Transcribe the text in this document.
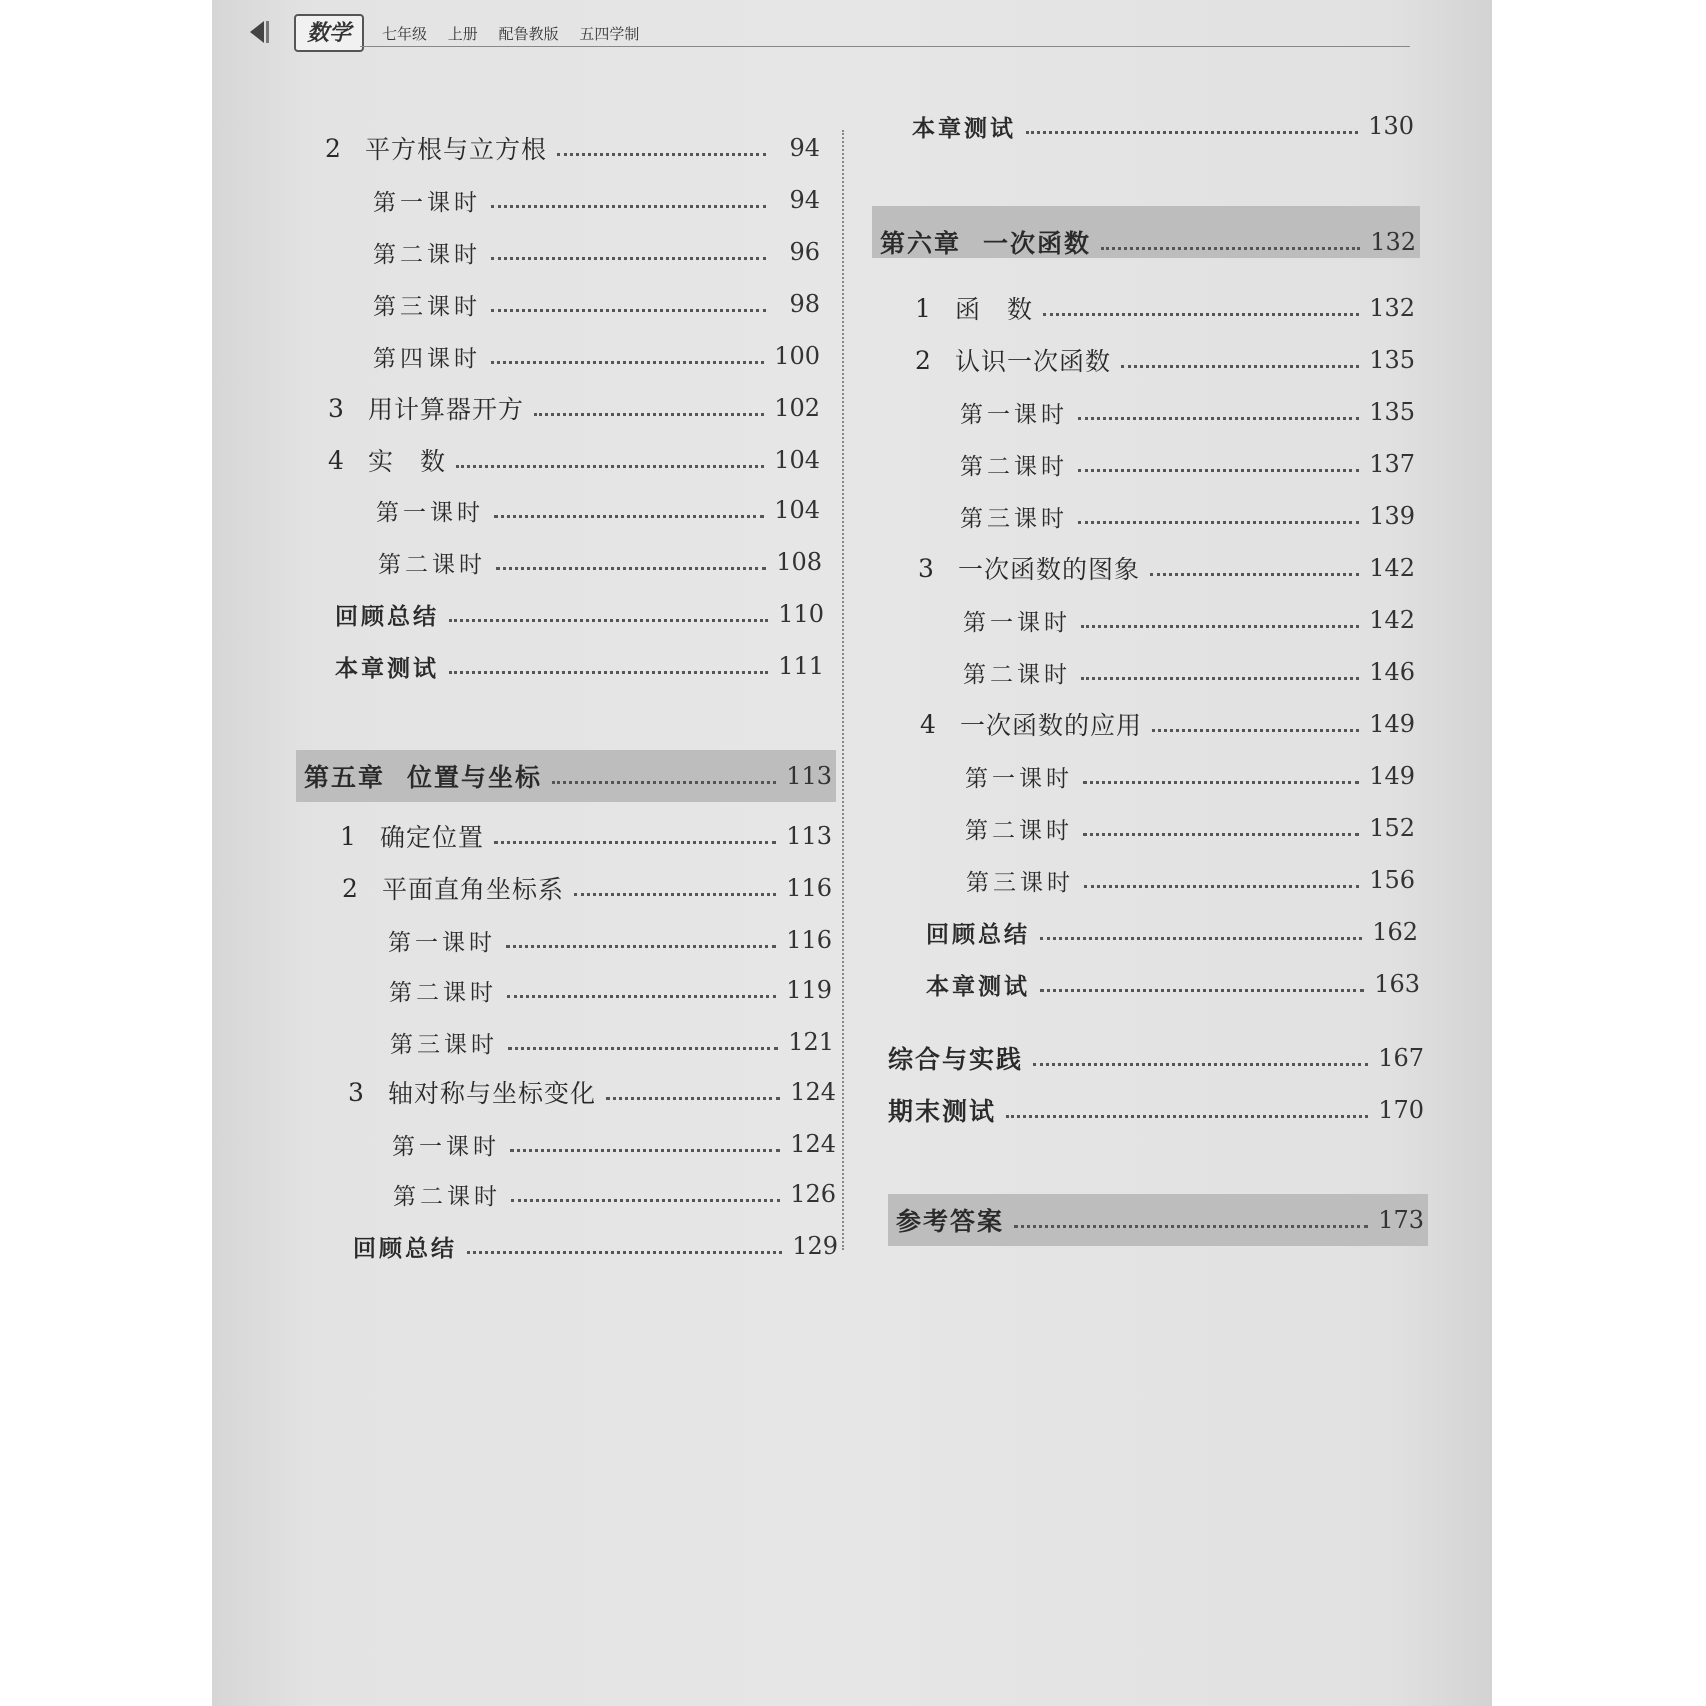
数学	七年级 上册 配鲁教版 五四学制
2 平方根与立方根	94
第一课时	94
第二课时	96
第三课时	98
第四课时	100
3 用计算器开方	102
4 实　数	104
第一课时	104
第二课时	108
回顾总结	110
本章测试	111
第五章 位置与坐标	113
1 确定位置	113
2 平面直角坐标系	116
第一课时	116
第二课时	119
第三课时	121
3 轴对称与坐标变化	124
第一课时	124
第二课时	126
回顾总结	129
本章测试	130
第六章 一次函数	132
1 函　数	132
2 认识一次函数	135
第一课时	135
第二课时	137
第三课时	139
3 一次函数的图象	142
第一课时	142
第二课时	146
4 一次函数的应用	149
第一课时	149
第二课时	152
第三课时	156
回顾总结	162
本章测试	163
综合与实践	167
期末测试	170
参考答案	173
